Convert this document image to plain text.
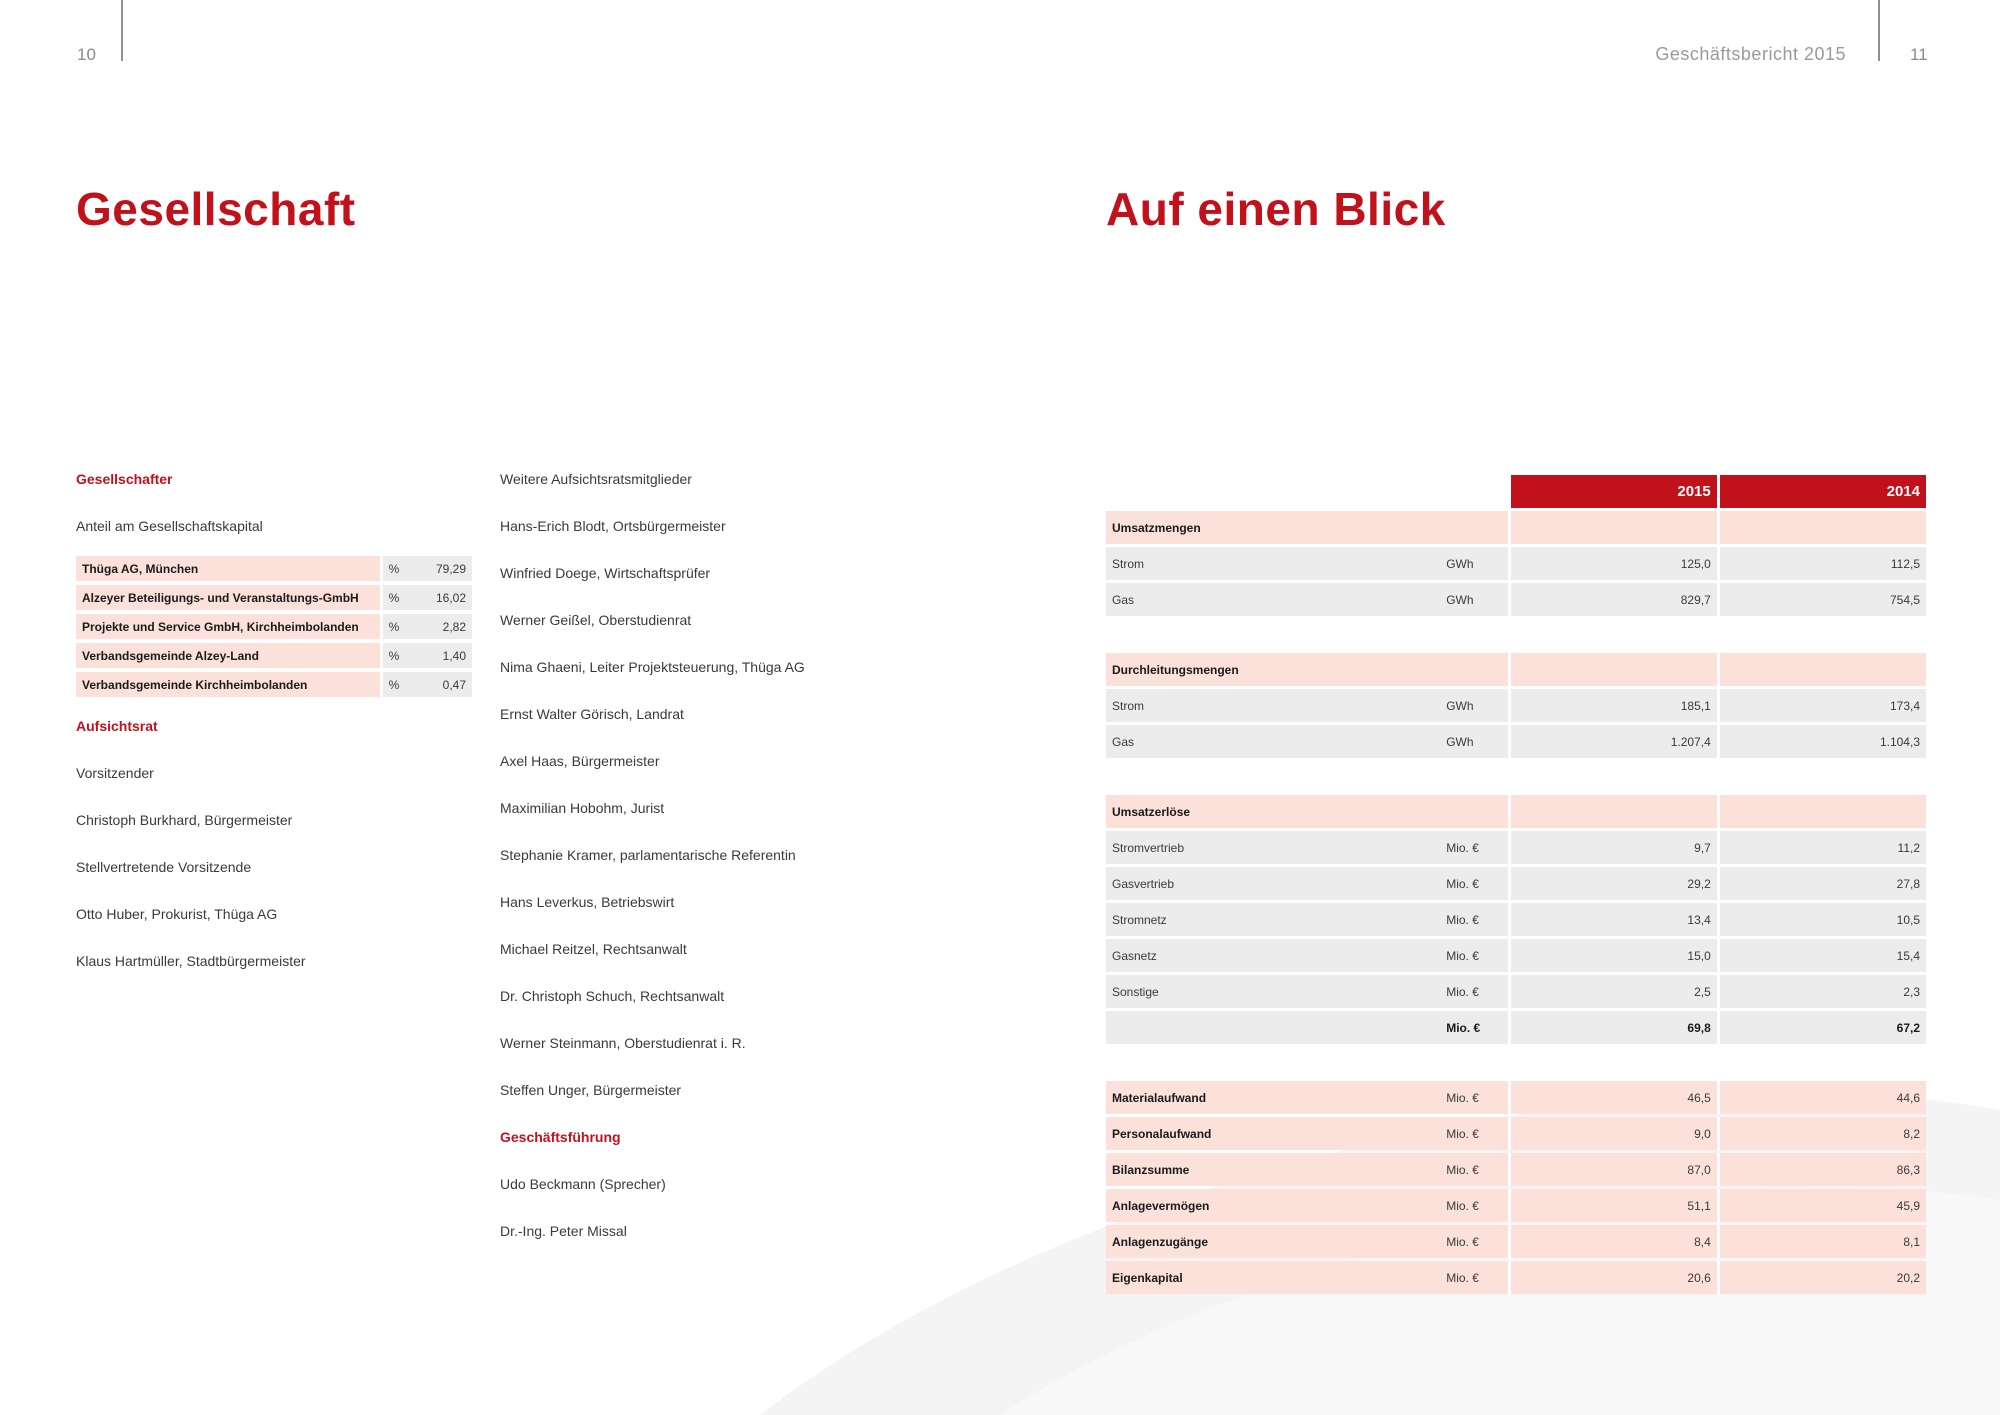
10	Geschäftsbericht 2015	11
Gesellschaft	Auf einen Blick
Gesellschafter
Anteil am Gesellschaftskapital
Thüga AG, München	%	79,29
Alzeyer Beteiligungs- und Veranstaltungs-GmbH	%	16,02
Projekte und Service GmbH, Kirchheimbolanden	%	2,82
Verbandsgemeinde Alzey-Land	%	1,40
Verbandsgemeinde Kirchheimbolanden	%	0,47
Aufsichtsrat
Vorsitzender
Christoph Burkhard, Bürgermeister
Stellvertretende Vorsitzende
Otto Huber, Prokurist, Thüga AG
Klaus Hartmüller, Stadtbürgermeister
Weitere Aufsichtsratsmitglieder
Hans-Erich Blodt, Ortsbürgermeister
Winfried Doege, Wirtschaftsprüfer
Werner Geißel, Oberstudienrat
Nima Ghaeni, Leiter Projektsteuerung, Thüga AG
Ernst Walter Görisch, Landrat
Axel Haas, Bürgermeister
Maximilian Hobohm, Jurist
Stephanie Kramer, parlamentarische Referentin
Hans Leverkus, Betriebswirt
Michael Reitzel, Rechtsanwalt
Dr. Christoph Schuch, Rechtsanwalt
Werner Steinmann, Oberstudienrat i. R.
Steffen Unger, Bürgermeister
Geschäftsführung
Udo Beckmann (Sprecher)
Dr.-Ing. Peter Missal
		2015	2014
Umsatzmengen			
Strom	GWh	125,0	112,5
Gas	GWh	829,7	754,5

Durchleitungsmengen			
Strom	GWh	185,1	173,4
Gas	GWh	1.207,4	1.104,3

Umsatzerlöse			
Stromvertrieb	Mio. €	9,7	11,2
Gasvertrieb	Mio. €	29,2	27,8
Stromnetz	Mio. €	13,4	10,5
Gasnetz	Mio. €	15,0	15,4
Sonstige	Mio. €	2,5	2,3
	Mio. €	69,8	67,2

Materialaufwand	Mio. €	46,5	44,6
Personalaufwand	Mio. €	9,0	8,2
Bilanzsumme	Mio. €	87,0	86,3
Anlagevermögen	Mio. €	51,1	45,9
Anlagenzugänge	Mio. €	8,4	8,1
Eigenkapital	Mio. €	20,6	20,2
